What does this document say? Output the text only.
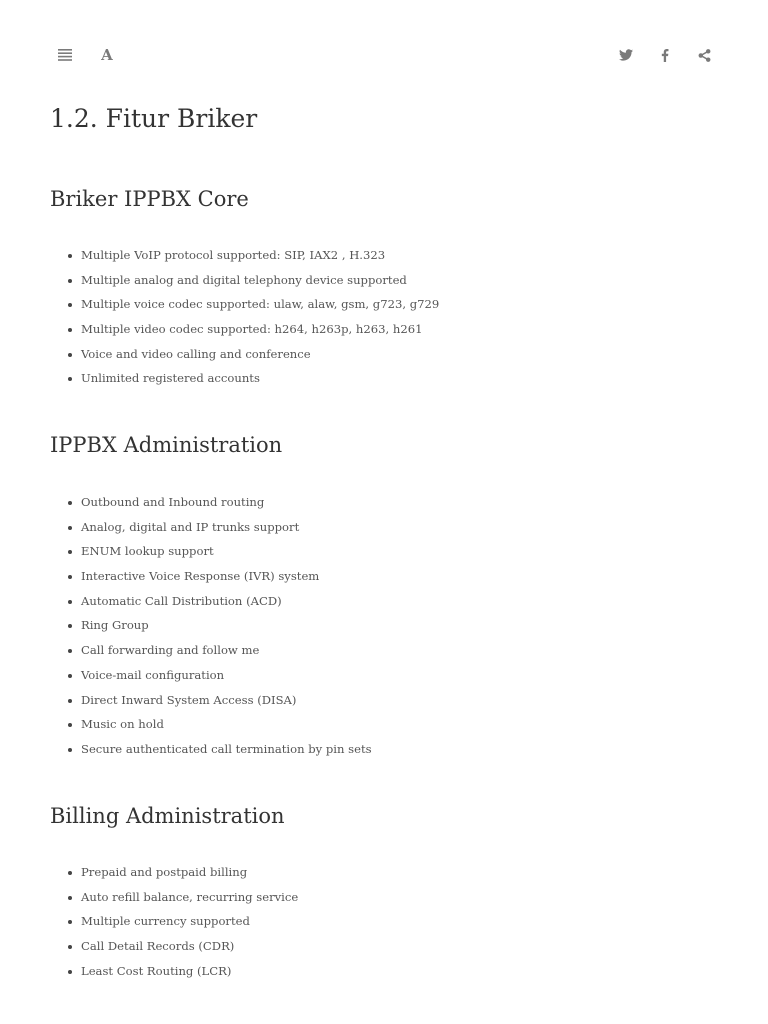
A
1.2. Fitur Briker
Briker IPPBX Core
Multiple VoIP protocol supported: SIP, IAX2 , H.323
Multiple analog and digital telephony device supported
Multiple voice codec supported: ulaw, alaw, gsm, g723, g729
Multiple video codec supported: h264, h263p, h263, h261
Voice and video calling and conference
Unlimited registered accounts
IPPBX Administration
Outbound and Inbound routing
Analog, digital and IP trunks support
ENUM lookup support
Interactive Voice Response (IVR) system
Automatic Call Distribution (ACD)
Ring Group
Call forwarding and follow me
Voice-mail configuration
Direct Inward System Access (DISA)
Music on hold
Secure authenticated call termination by pin sets
Billing Administration
Prepaid and postpaid billing
Auto refill balance, recurring service
Multiple currency supported
Call Detail Records (CDR)
Least Cost Routing (LCR)
